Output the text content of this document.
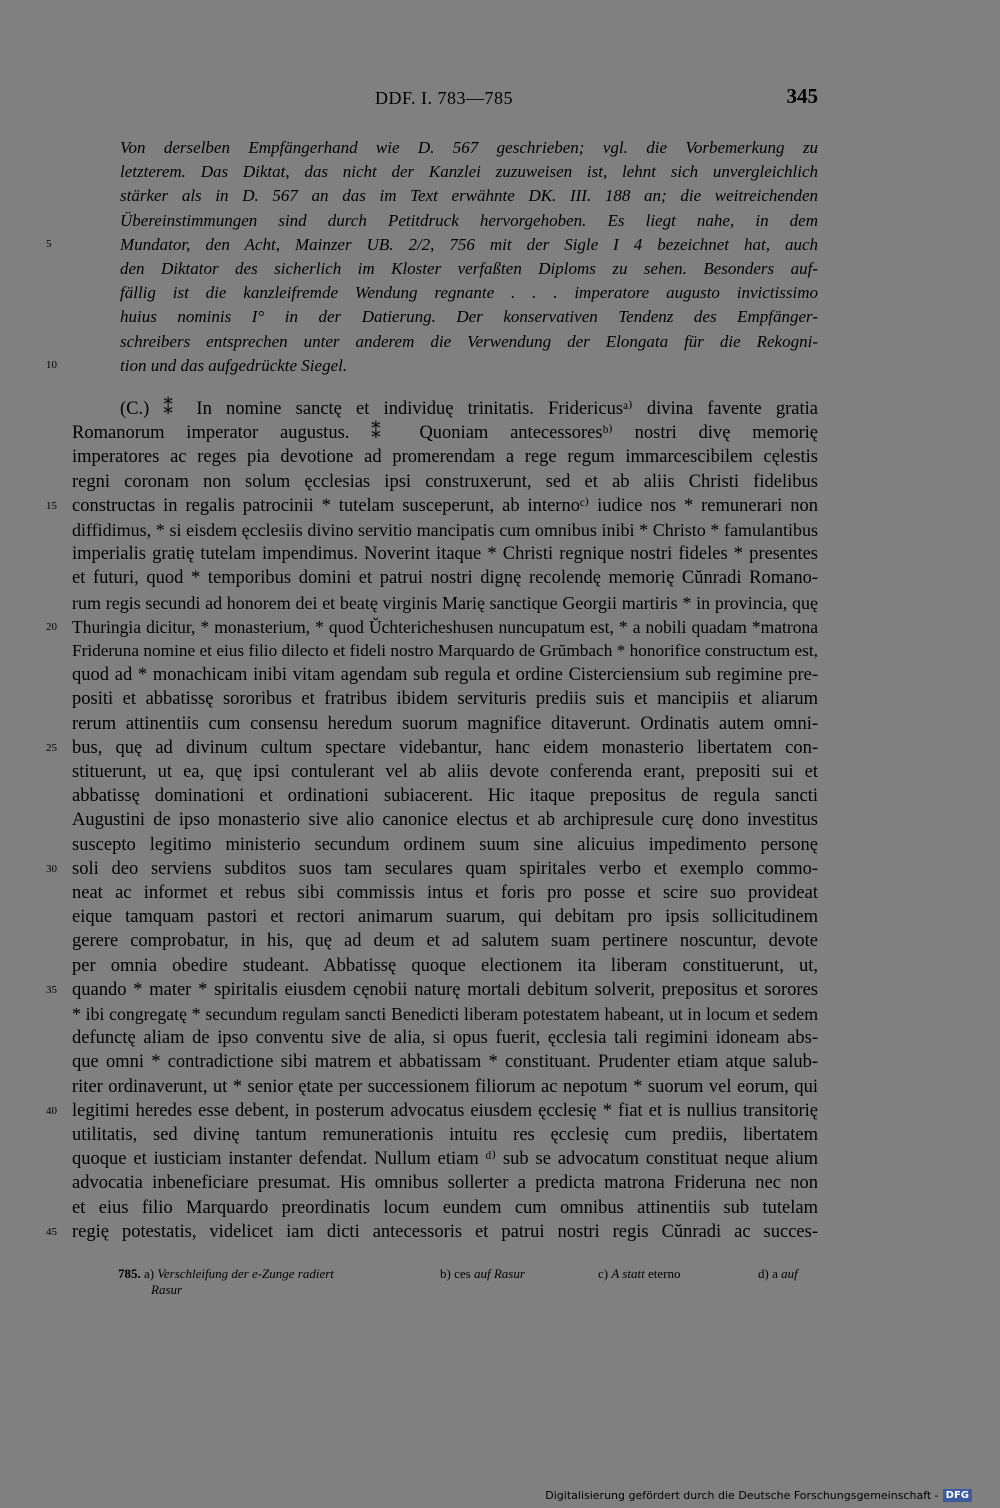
DDF. I. 783—785	345
Von derselben Empfängerhand wie D. 567 geschrieben; vgl. die Vorbemerkung zu
letzterem. Das Diktat, das nicht der Kanzlei zuzuweisen ist, lehnt sich unvergleichlich
stärker als in D. 567 an das im Text erwähnte DK. III. 188 an; die weitreichenden
Übereinstimmungen sind durch Petitdruck hervorgehoben. Es liegt nahe, in dem
Mundator, den Acht, Mainzer UB. 2/2, 756 mit der Sigle I 4 bezeichnet hat, auch
den Diktator des sicherlich im Kloster verfaßten Diploms zu sehen. Besonders auf-
fällig ist die kanzleifremde Wendung regnante . . . imperatore augusto invictissimo
huius nominis I° in der Datierung. Der konservativen Tendenz des Empfänger-
schreibers entsprechen unter anderem die Verwendung der Elongata für die Rekogni-
tion und das aufgedrückte Siegel.
(C.) ⁑ In nomine sanctę et individuę trinitatis. Fridericusᵃ⁾ divina favente gratia
Romanorum imperator augustus. ⁑ Quoniam antecessoresᵇ⁾ nostri divę memorię
imperatores ac reges pia devotione ad promerendam a rege regum immarcescibilem cęlestis
regni coronam non solum ęcclesias ipsi construxerunt, sed et ab aliis Christi fidelibus
constructas in regalis patrocinii * tutelam susceperunt, ab internoᶜ⁾ iudice nos * remunerari non
diffidimus, * si eisdem ęcclesiis divino servitio mancipatis cum omnibus inibi * Christo * famulantibus
imperialis gratię tutelam impendimus. Noverint itaque * Christi regnique nostri fideles * presentes
et futuri, quod * temporibus domini et patrui nostri dignę recolendę memorię Cŭnradi Romano-
rum regis secundi ad honorem dei et beatę virginis Marię sanctique Georgii martiris * in provincia, quę
Thuringia dicitur, * monasterium, * quod Ŭchtericheshusen nuncupatum est, * a nobili quadam *matrona
Frideruna nomine et eius filio dilecto et fideli nostro Marquardo de Grŭmbach * honorifice constructum est,
quod ad * monachicam inibi vitam agendam sub regula et ordine Cisterciensium sub regimine pre-
positi et abbatissę sororibus et fratribus ibidem servituris prediis suis et mancipiis et aliarum
rerum attinentiis cum consensu heredum suorum magnifice ditaverunt. Ordinatis autem omni-
bus, quę ad divinum cultum spectare videbantur, hanc eidem monasterio libertatem con-
stituerunt, ut ea, quę ipsi contulerant vel ab aliis devote conferenda erant, prepositi sui et
abbatissę dominationi et ordinationi subiacerent. Hic itaque prepositus de regula sancti
Augustini de ipso monasterio sive alio canonice electus et ab archipresule curę dono investitus
suscepto legitimo ministerio secundum ordinem suum sine alicuius impedimento personę
soli deo serviens subditos suos tam seculares quam spiritales verbo et exemplo commo-
neat ac informet et rebus sibi commissis intus et foris pro posse et scire suo provideat
eique tamquam pastori et rectori animarum suarum, qui debitam pro ipsis sollicitudinem
gerere comprobatur, in his, quę ad deum et ad salutem suam pertinere noscuntur, devote
per omnia obedire studeant. Abbatissę quoque electionem ita liberam constituerunt, ut,
quando * mater * spiritalis eiusdem cęnobii naturę mortali debitum solverit, prepositus et sorores
* ibi congregatę * secundum regulam sancti Benedicti liberam potestatem habeant, ut in locum et sedem
defunctę aliam de ipso conventu sive de alia, si opus fuerit, ęcclesia tali regimini idoneam abs-
que omni * contradictione sibi matrem et abbatissam * constituant. Prudenter etiam atque salub-
riter ordinaverunt, ut * senior ętate per successionem filiorum ac nepotum * suorum vel eorum, qui
legitimi heredes esse debent, in posterum advocatus eiusdem ęcclesię * fiat et is nullius transitorię
utilitatis, sed divinę tantum remunerationis intuitu res ęcclesię cum prediis, libertatem
quoque et iusticiam instanter defendat. Nullum etiam ᵈ⁾ sub se advocatum constituat neque alium
advocatia inbeneficiare presumat. His omnibus sollerter a predicta matrona Frideruna nec non
et eius filio Marquardo preordinatis locum eundem cum omnibus attinentiis sub tutelam
regię potestatis, videlicet iam dicti antecessoris et patrui nostri regis Cŭnradi ac succes-
5
10
15
20
25
30
35
40
45
785. a) Verschleifung der e-Zunge radiert
Rasur
b) ces auf Rasur	c) A statt eterno	d) a auf
Digitalisierung gefördert durch die Deutsche Forschungsgemeinschaft - DFG
